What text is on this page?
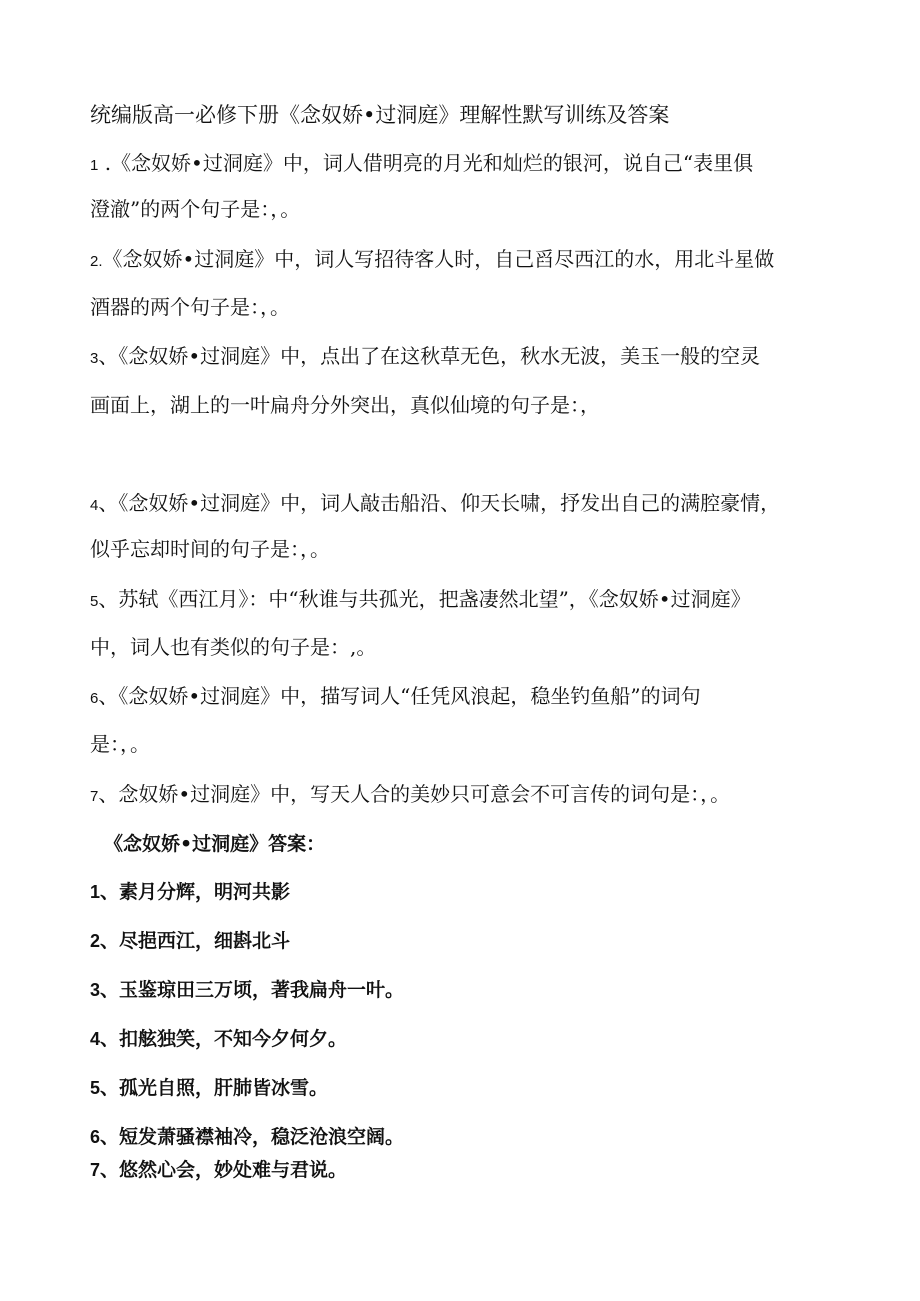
统编版高一必修下册《念奴娇•过洞庭》理解性默写训练及答案
1 .《念奴娇•过洞庭》中，词人借明亮的月光和灿烂的银河，说自己“表里俱
澄澈”的两个句子是：，。
2.《念奴娇•过洞庭》中，词人写招待客人时，自己舀尽西江的水，用北斗星做
酒器的两个句子是：，。
3、《念奴娇•过洞庭》中，点出了在这秋草无色，秋水无波，美玉一般的空灵
画面上，湖上的一叶扁舟分外突出，真似仙境的句子是：，
4、《念奴娇•过洞庭》中，词人敲击船沿、仰天长啸，抒发出自己的满腔豪情，
似乎忘却时间的句子是：，。
5、苏轼《西江月》：中“秋谁与共孤光，把盏凄然北望”，《念奴娇•过洞庭》
中，词人也有类似的句子是：,。
6、《念奴娇•过洞庭》中，描写词人“任凭风浪起，稳坐钓鱼船”的词句
是：，。
7、念奴娇•过洞庭》中，写天人合的美妙只可意会不可言传的词句是：，。
《念奴娇•过洞庭》答案：
1、素月分辉，明河共影
2、尽挹西江，细斟北斗
3、玉鉴琼田三万顷，著我扁舟一叶。
4、扣舷独笑，不知今夕何夕。
5、孤光自照，肝肺皆冰雪。
6、短发萧骚襟袖冷，稳泛沧浪空阔。
7、悠然心会，妙处难与君说。
